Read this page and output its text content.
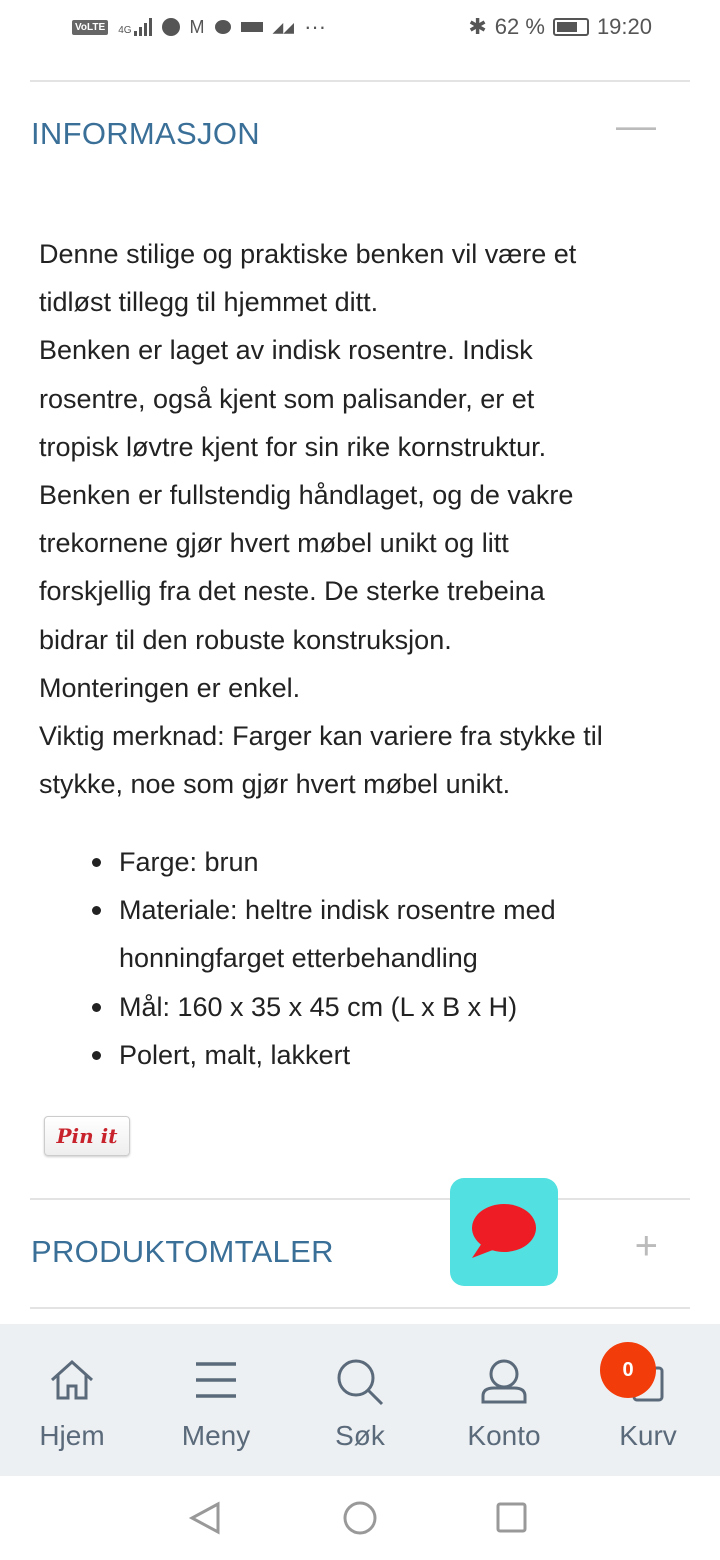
VoLTE	4G	M	◢◢ ···	✱ 62 % 19:20
INFORMASJON	—
Denne stilige og praktiske benken vil være et
tidløst tillegg til hjemmet ditt.
Benken er laget av indisk rosentre. Indisk
rosentre, også kjent som palisander, er et
tropisk løvtre kjent for sin rike kornstruktur.
Benken er fullstendig håndlaget, og de vakre
trekornene gjør hvert møbel unikt og litt
forskjellig fra det neste. De sterke trebeina
bidrar til den robuste konstruksjon.
Monteringen er enkel.
Viktig merknad: Farger kan variere fra stykke til
stykke, noe som gjør hvert møbel unikt.
Farge: brun
Materiale: heltre indisk rosentre med honningfarget etterbehandling
Mål: 160 x 35 x 45 cm (L x B x H)
Polert, malt, lakkert
Pin it
PRODUKTOMTALER	+
Hjem	Meny	Søk	Konto	Kurv
0
